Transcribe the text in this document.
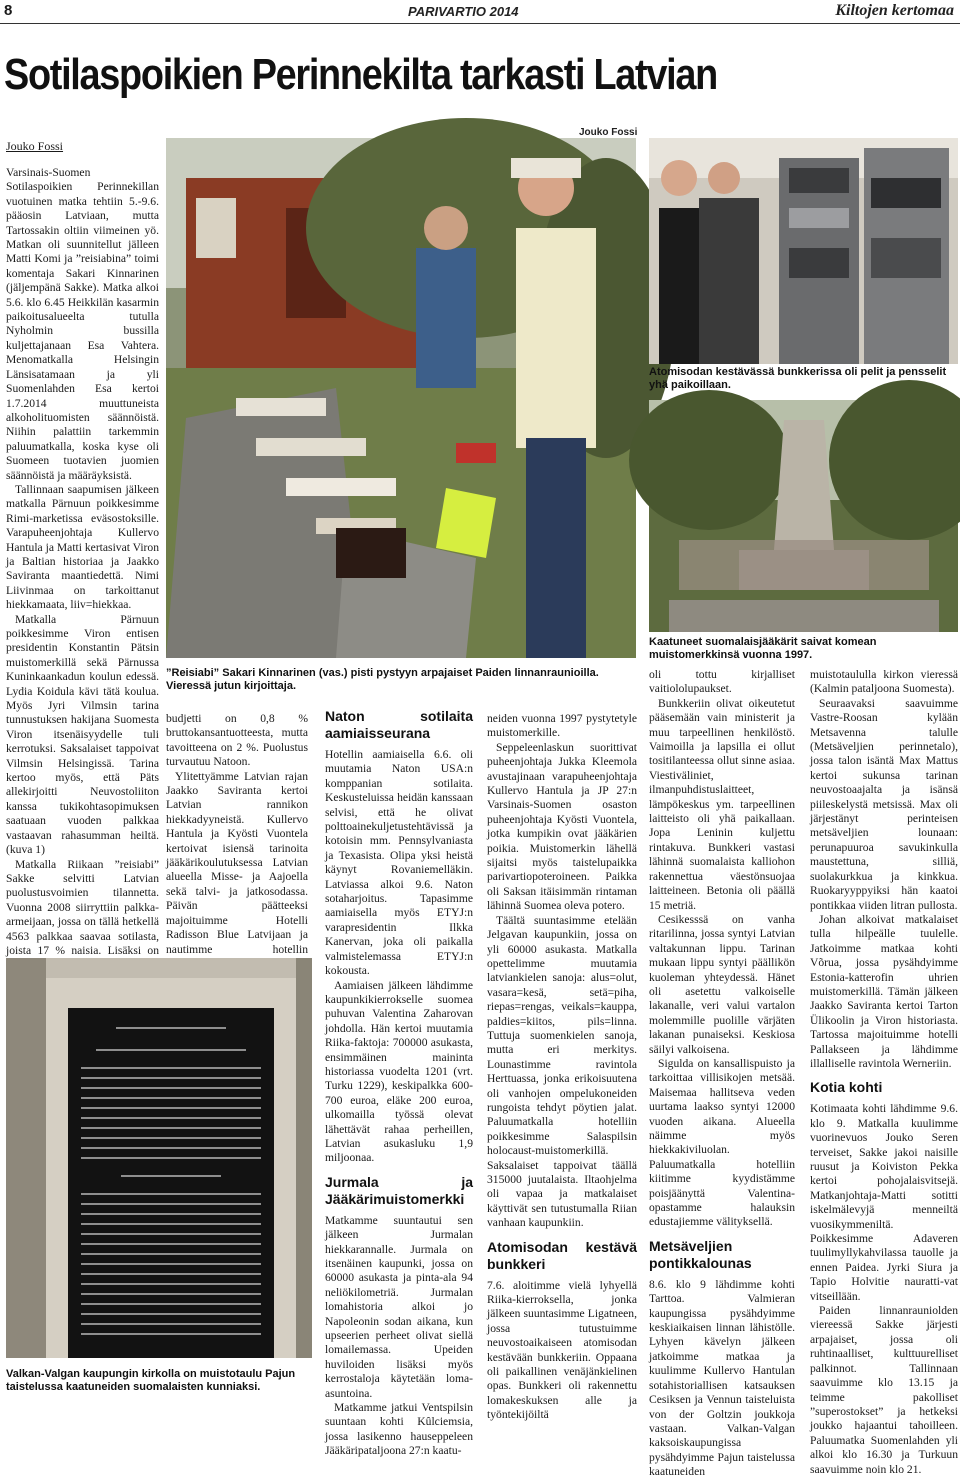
8	PARIVARTIO 2014	Kiltojen kertomaa
Sotilaspoikien Perinnekilta tarkasti Latvian
Jouko Fossi
Jouko Fossi

Varsinais-Suomen Sotilaspoikien Perinnekillan vuotuinen matka tehtiin 5.-9.6. pääosin Latviaan, mutta Tartossakin oltiin viimeinen yö. Matkan oli suunnitellut jälleen Matti Komi ja ”reisiabina” toimi komentaja Sakari Kinnarinen (jäljempänä Sakke). Matka alkoi 5.6. klo 6.45 Heikkilän kasarmin paikoitusalueelta tutulla Nyholmin bussilla kuljettajanaan Esa Vahtera. Menomatkalla Helsingin Länsisatamaan ja yli Suomenlahden Esa kertoi 1.7.2014 muuttuneista alkoholituomisten säännöistä. Niihin palattiin tarkemmin paluumatkalla, koska kyse oli Suomeen tuotavien juomien säännöistä ja määräyksistä.

Tallinnaan saapumisen jälkeen matkalla Pärnuun poikkesimme Rimi-marketissa eväsostoksille. Varapuheenjohtaja Kullervo Hantula ja Matti kertasivat Viron ja Baltian historiaa ja Jaakko Saviranta maantiedettä. Nimi Liivinmaa on tarkoittanut hiekkamaata, liiv=hiekkaa.

Matkalla Pärnuun poikkesimme Viron entisen presidentin Konstantin Pätsin muistomerkillä sekä Pärnussa Kuninkaankadun koulun edessä. Lydia Koidula kävi tätä koulua. Myös Jyri Vilmsin tarina tunnustuksen hakijana Suomesta Viron itsenäisyydelle tuli kerrotuksi. Saksalaiset tappoivat Vilmsin Helsingissä. Tarina kertoo myös, että Päts allekirjoitti Neuvostoliiton kanssa tukikohtasopimuksen saatuaan vuoden palkkaa vastaavan rahasumman heiltä. (kuva 1)

Matkalla Riikaan ”reisiabi” Sakke selvitti Latvian puolustusvoimien tilannetta. Vuonna 2008 siirryttiin palkka-armeijaan, jossa on tällä hetkellä 4563 palkkaa saavaa sotilasta, joista 17 % naisia. Lisäksi on

”Reisiabi” Sakari Kinnarinen (vas.) pisti pystyyn arpajaiset Paiden linnanraunioilla. Vieressä jutun kirjoittaja.

budjetti on 0,8 % bruttokansantuotteesta, mutta tavoitteena on 2 %. Puolustus turvautuu Natoon.

Ylitettyämme Latvian rajan Jaakko Saviranta kertoi Latvian rannikon hiekkadyyneistä. Kullervo Hantula ja Kyösti Vuontela kertoivat isiensä tarinoita jääkärikoulutuksessa Latvian alueella Misse- ja Aajoella sekä talvi- ja jatkosodassa. Päivän päätteeksi majoituimme Hotelli Radisson Blue Latvijaan ja nautimme hotellin

Naton sotilaita aamiaisseurana

Hotellin aamiaisella 6.6. oli muutamia Naton USA:n komppanian sotilaita. Keskusteluissa heidän kanssaan selvisi, että he olivat polttoainekuljetustehtävissä ja kotoisin mm. Pennsylvaniasta ja Texasista. Olipa yksi heistä käynyt Rovaniemelläkin. Latviassa alkoi 9.6. Naton sotaharjoitus. Tapasimme aamiaisella myös ETYJ:n varapresidentin Ilkka Kanervan, joka oli paikalla valmistelemassa ETYJ:n kokousta.

Aamiaisen jälkeen lähdimme kaupunkikierrokselle suomea puhuvan Valentina Zaharovan johdolla. Hän kertoi muutamia Riika-faktoja: 700000 asukasta, ensimmäinen maininta historiassa vuodelta 1201 (vrt. Turku 1229), keskipalkka 600-700 euroa, eläke 200 euroa, ulkomailla työssä olevat lähettävät rahaa perheillen, Latvian asukasluku 1,9 miljoonaa.

Jurmala ja Jääkärimuistomerkki

Matkamme suuntautui sen jälkeen Jurmalan hiekkarannalle. Jurmala on itsenäinen kaupunki, jossa on 60000 asukasta ja pinta-ala 94 neliökilometriä. Jurmalan lomahistoria alkoi jo Napoleonin sodan aikana, kun upseerien perheet olivat siellä lomailemassa. Upeiden huviloiden lisäksi myös kerrostaloja käytetään loma-asuntoina.

Matkamme jatkui Ventspilsin suuntaan kohti Kûlciemsia, jossa lasikenno hauseppeleen Jääkäripataljoona 27:n kaatu-

neiden vuonna 1997 pystytetyle muistomerkille.

Seppeleenlaskun suorittivat puheenjohtaja Jukka Kleemola avustajinaan varapuheenjohtaja Kullervo Hantula ja JP 27:n Varsinais-Suomen osaston puheenjohtaja Kyösti Vuontela, jotka kumpikin ovat jääkärien poikia. Muistomerkin lähellä sijaitsi myös taistelupaikka parivartiopoteroineen. Paikka oli Saksan itäisimmän rintaman lähinnä Suomea oleva potero.

Täältä suuntasimme etelään Jelgavan kaupunkiin, jossa on yli 60000 asukasta. Matkalla opettelimme muutamia latviankielen sanoja: alus=olut, vasara=kesä, setä=piha, riepas=rengas, veikals=kauppa, paldies=kiitos, pils=linna. Tuttuja suomenkielen sanoja, mutta eri merkitys. Lounastimme ravintola Herttuassa, jonka erikoisuutena oli vanhojen ompelukoneiden rungoista tehdyt pöytien jalat. Paluumatkalla hotelliin poikkesimme Salaspilsin holocaust-muistomerkillä. Saksalaiset tappoivat täällä 315000 juutalaista. Iltaohjelma oli vapaa ja matkalaiset käyttivät sen tutustumalla Riian vanhaan kaupunkiin.

Atomisodan kestävä bunkkeri

7.6. aloitimme vielä lyhyellä Riika-kierroksella, jonka jälkeen suuntasimme Ligatneen, jossa tutustuimme neuvostoaikaiseen atomisodan kestävään bunkkeriin. Oppaana oli paikallinen venäjänkielinen opas. Bunkkeri oli rakennettu lomakeskuksen alle ja työntekijöiltä

Atomisodan kestävässä bunkkerissa oli pelit ja pensselit yhä paikoillaan.
Kaatuneet suomalaisjääkärit saivat komean muistomerkkinsä vuonna 1997.

oli tottu kirjalliset vaitiololupaukset.

Bunkkeriin olivat oikeutetut pääsemään vain ministerit ja muu tarpeellinen henkilöstö. Vaimoilla ja lapsilla ei ollut tositilanteessa ollut sinne asiaa. Viestiväliniet, ilmanpuhdistuslaitteet, lämpökeskus ym. tarpeellinen laitteisto oli yhä paikallaan. Jopa Leninin kuljettu rintakuva. Bunkkeri vastasi lähinnä suomalaista kalliohon rakennettua väestönsuojaa laitteineen. Betonia oli päällä 15 metriä.

Cesikesssä on vanha ritarilinna, jossa syntyi Latvian valtakunnan lippu. Tarinan mukaan lippu syntyi päällikön kuoleman yhteydessä. Hänet oli asetettu valkoiselle lakanalle, veri valui vartalon molemmille puolille värjäten lakanan punaiseksi. Keskiosa säilyi valkoisena.

Sigulda on kansallispuisto ja tarkoittaa villisikojen metsää. Maisemaa hallitseva veden uurtama laakso syntyi 12000 vuoden aikana. Alueella näimme myös hiekkakiviluolan. Paluumatkalla hotelliin kiitimme kyydistämme poisjäänyttä Valentina-opastamme halauksin edustajiemme välityksellä.

Metsäveljien pontikkalounas

8.6. klo 9 lähdimme kohti Tarttoa. Valmieran kaupungissa pysähdyimme keskiaikaisen linnan lähistölle. Lyhyen kävelyn jälkeen jatkoimme matkaa ja kuulimme Kullervo Hantulan sotahistoriallisen katsauksen Cesiksen ja Vennun taisteluista von der Goltzin joukkoja vastaan. Valkan-Valgan kaksoiskaupungissa pysähdyimme Pajun taistelussa kaatuneiden

muistotaululla kirkon vieressä (Kalmin pataljoona Suomesta).

Seuraavaksi saavuimme Vastre-Roosan kylään Metsavenna talulle (Metsäveljien perinnetalo), jossa talon isäntä Max Mattus kertoi sukunsa tarinan neuvostoaajalta ja isänsä piileskelystä metsissä. Max oli järjestänyt perinteisen metsäveljien lounaan: perunapuuroa savukinkulla maustettuna, silliä, suolakurkkua ja kinkkua. Ruokaryyppyiksi hän kaatoi pontikkaa viiden litran pullosta.

Johan alkoivat matkalaiset tulla hilpeälle tuulelle. Jatkoimme matkaa kohti Võrua, jossa pysähdyimme Estonia-katterofin uhrien muistomerkillä. Tämän jälkeen Jaakko Saviranta kertoi Tarton Ülikoolin ja Viron historiasta. Tartossa majoituimme hotelli Pallakseen ja lähdimme illalliselle ravintola Werneriin.

Kotia kohti

Kotimaata kohti lähdimme 9.6. klo 9. Matkalla kuulimme vuorinevuos Jouko Seren terveiset, Sakke jakoi naisille ruusut ja Koiviston Pekka kertoi pohojalaisvitsejä. Matkanjohtaja-Matti sotitti iskelmälevyjä menneiltä vuosikymmeniltä. Poikkesimme Adaveren tuulimyllykahvilassa tauolle ja ennen Paidea. Jyrki Siura ja Tapio Holvitie nauratti-vat vitseillään.

Paiden linnanrauniolden viereessä Sakke järjesti arpajaiset, jossa oli ruhtinaalliset, kulttuurelliset palkinnot. Tallinnaan saavuimme klo 13.15 ja teimme pakolliset ”superostokset” ja hetkeksi joukko hajaantui tahoilleen. Paluumatka Suomenlahden yli alkoi klo 16.30 ja Turkuun saavuimme noin klo 21.

Valkan-Valgan kaupungin kirkolla on muistotaulu Pajun taistelussa kaatuneiden suomalaisten kunniaksi.
